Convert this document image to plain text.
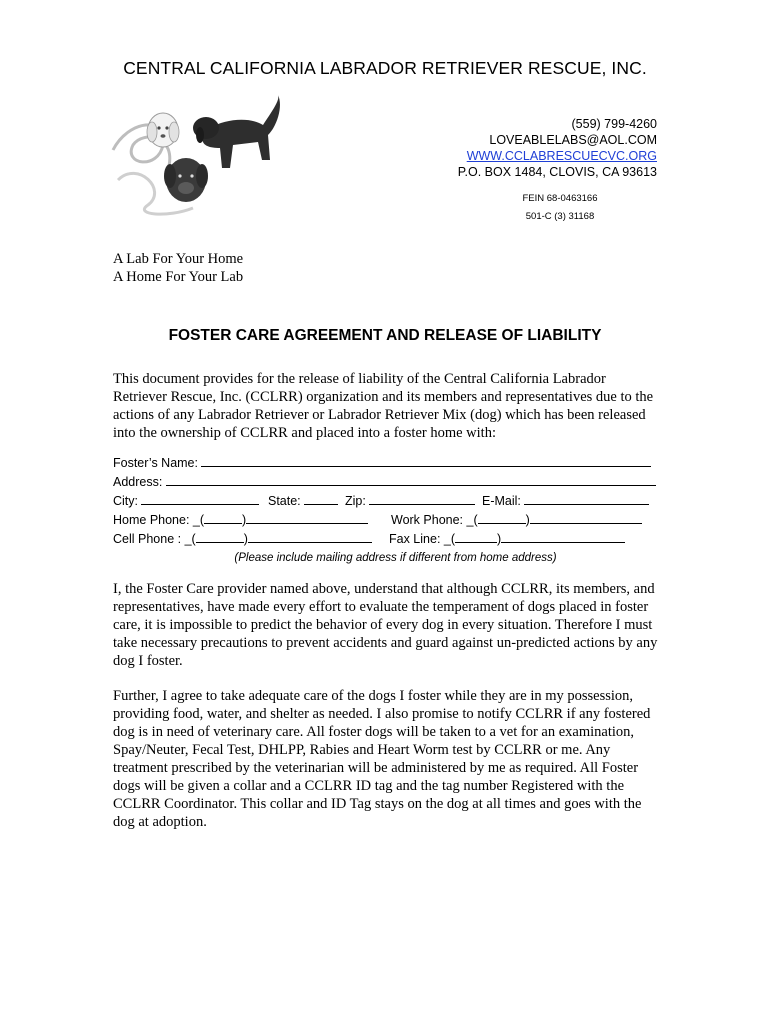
CENTRAL CALIFORNIA LABRADOR RETRIEVER RESCUE, INC.
(559) 799-4260
LOVEABLELABS@AOL.COM
WWW.CCLABRESCUECVC.ORG
P.O. BOX 1484, CLOVIS, CA 93613
FEIN 68-0463166
501-C (3) 31168
A Lab For Your Home
A Home For Your Lab
FOSTER CARE AGREEMENT AND RELEASE OF LIABILITY

This document provides for the release of liability of the Central California Labrador Retriever Rescue, Inc. (CCLRR) organization and its members and representatives due to the actions of any Labrador Retriever or Labrador Retriever Mix (dog) which has been released into the ownership of CCLRR and placed into a foster home with:

Foster’s Name:
Address:
City:	State:	Zip:	E-Mail:
Home Phone: _(	)	Work Phone: _(	)
Cell Phone : _(	)	Fax Line: _(	)
(Please include mailing address if different from home address)

I, the Foster Care provider named above, understand that although CCLRR, its members, and representatives, have made every effort to evaluate the temperament of dogs placed in foster care, it is impossible to predict the behavior of every dog in every situation. Therefore I must take necessary precautions to prevent accidents and guard against un-predicted actions by any dog I foster.

Further, I agree to take adequate care of the dogs I foster while they are in my possession, providing food, water, and shelter as needed. I also promise to notify CCLRR if any fostered dog is in need of veterinary care. All foster dogs will be taken to a vet for an examination, Spay/Neuter, Fecal Test, DHLPP, Rabies and Heart Worm test by CCLRR or me. Any treatment prescribed by the veterinarian will be administered by me as required. All Foster dogs will be given a collar and a CCLRR ID tag and the tag number Registered with the CCLRR Coordinator. This collar and ID Tag stays on the dog at all times and goes with the dog at adoption.
